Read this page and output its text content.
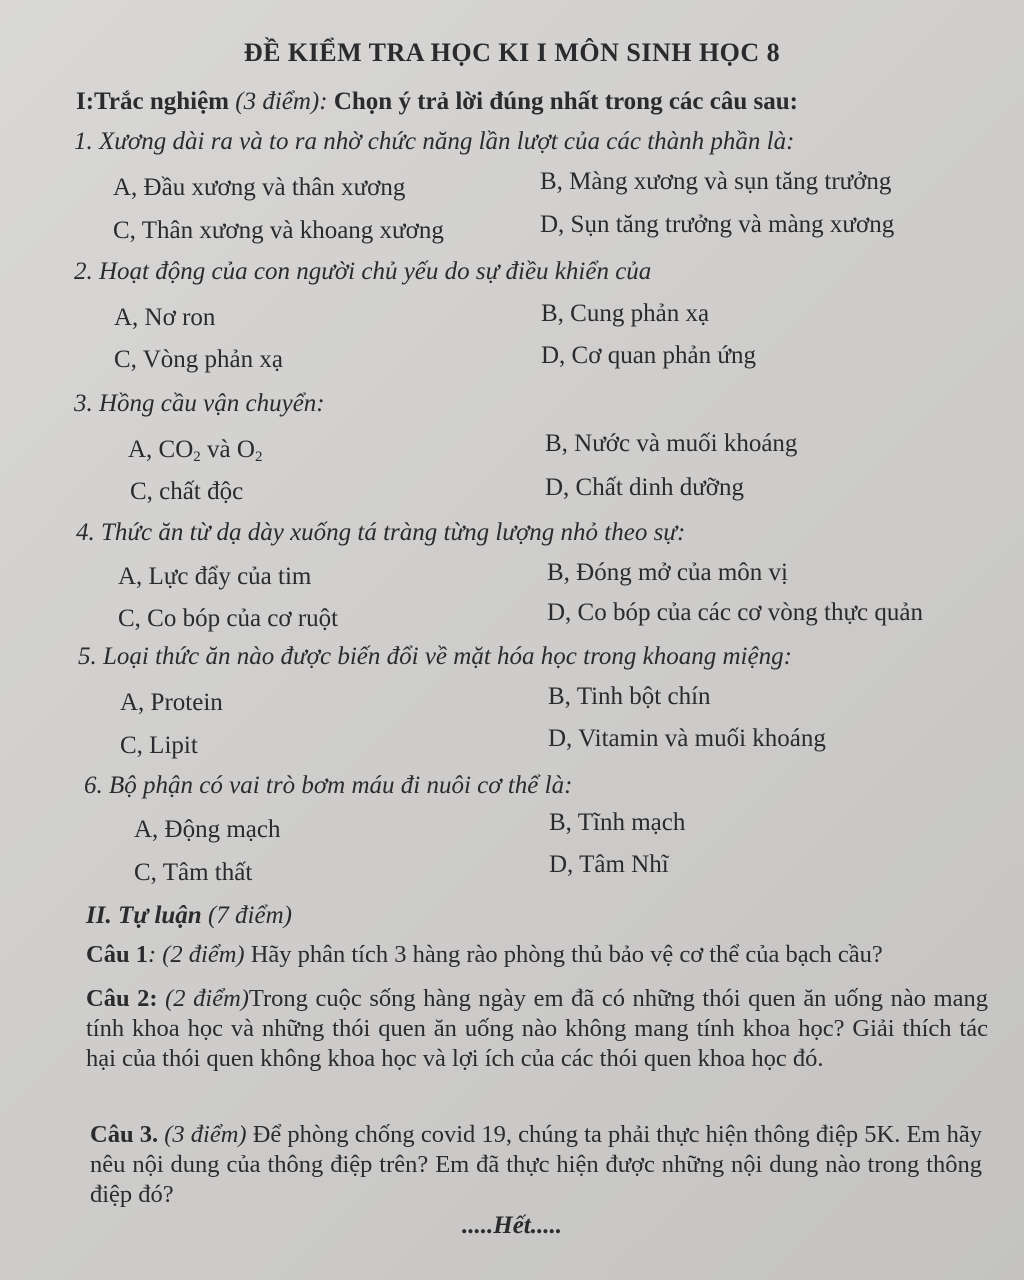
ĐỀ KIỂM TRA HỌC KI I MÔN SINH HỌC 8
I:Trắc nghiệm (3 điểm): Chọn ý trả lời đúng nhất trong các câu sau:
1. Xương dài ra và to ra nhờ chức năng lần lượt của các thành phần là:
A, Đầu xương và thân xương	B, Màng xương và sụn tăng trưởng
C, Thân xương và khoang xương	D, Sụn tăng trưởng và màng xương
2. Hoạt động của con người chủ yếu do sự điều khiển của
A, Nơ ron	B, Cung phản xạ
C, Vòng phản xạ	D, Cơ quan phản ứng
3. Hồng cầu vận chuyển:
A, $CO_2$ và $O_2$	B, Nước và muối khoáng
C, chất độc	D, Chất dinh dưỡng
4. Thức ăn từ dạ dày xuống tá tràng từng lượng nhỏ theo sự:
A, Lực đẩy của tim	B, Đóng mở của môn vị
C, Co bóp của cơ ruột	D, Co bóp của các cơ vòng thực quản
5. Loại thức ăn nào được biến đổi về mặt hóa học trong khoang miệng:
A, Protein	B, Tinh bột chín
C, Lipit	D, Vitamin và muối khoáng
6. Bộ phận có vai trò bơm máu đi nuôi cơ thể là:
A, Động mạch	B, Tĩnh mạch
C, Tâm thất	D, Tâm Nhĩ
II. Tự luận (7 điểm)
Câu 1: (2 điểm) Hãy phân tích 3 hàng rào phòng thủ bảo vệ cơ thể của bạch cầu?
Câu 2: (2 điểm)Trong cuộc sống hàng ngày em đã có những thói quen ăn uống nào mang tính khoa học và những thói quen ăn uống nào không mang tính khoa học? Giải thích tác hại của thói quen không khoa học và lợi ích của các thói quen khoa học đó.
Câu 3. (3 điểm) Để phòng chống covid 19, chúng ta phải thực hiện thông điệp 5K. Em hãy nêu nội dung của thông điệp trên? Em đã thực hiện được những nội dung nào trong thông điệp đó?
.....Hết.....
